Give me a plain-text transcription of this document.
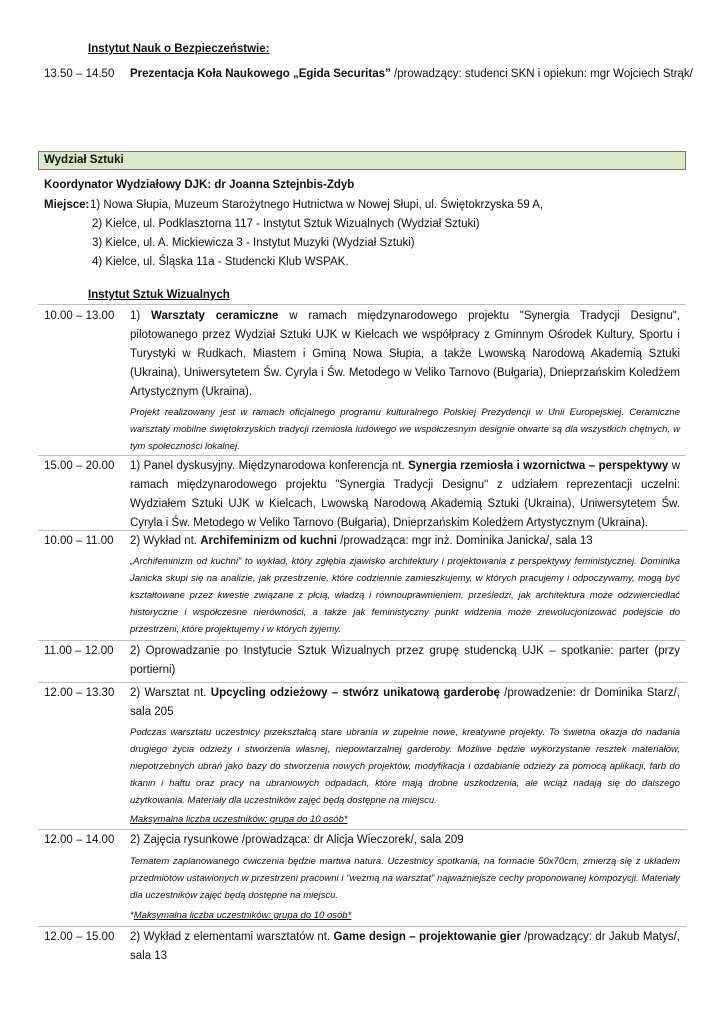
Instytut Nauk o Bezpieczeństwie:
13.50 – 14.50	Prezentacja Koła Naukowego „Egida Securitas” /prowadzący: studenci SKN i opiekun: mgr Wojciech Strąk/
Wydział Sztuki
Koordynator Wydziałowy DJK: dr Joanna Sztejnbis-Zdyb
Miejsce: 1) Nowa Słupia, Muzeum Starożytnego Hutnictwa w Nowej Słupi, ul. Świętokrzyska 59 A,
2) Kielce, ul. Podklasztorna 117 - Instytut Sztuk Wizualnych (Wydział Sztuki)
3) Kielce, ul. A. Mickiewicza 3 - Instytut Muzyki (Wydział Sztuki)
4) Kielce, ul. Śląska 11a - Studencki Klub WSPAK.
Instytut Sztuk Wizualnych
10.00 – 13.00	1) Warsztaty ceramiczne w ramach międzynarodowego projektu "Synergia Tradycji Designu", pilotowanego przez Wydział Sztuki UJK w Kielcach we współpracy z Gminnym Ośrodek Kultury, Sportu i Turystyki w Rudkach, Miastem i Gminą Nowa Słupia, a także Lwowską Narodową Akademią Sztuki (Ukraina), Uniwersytetem Św. Cyryla i Św. Metodego w Veliko Tarnovo (Bułgaria), Dnieprzańskim Koledżem Artystycznym (Ukraina).
Projekt realizowany jest w ramach oficjalnego programu kulturalnego Polskiej Prezydencji w Unii Europejskiej. Ceramiczne warsztaty mobilne świętokrzyskich tradycji rzemiosła ludowego we współczesnym designie otwarte są dla wszystkich chętnych, w tym społeczności lokalnej.
15.00 – 20.00	1) Panel dyskusyjny. Międzynarodowa konferencja nt. Synergia rzemiosła i wzornictwa – perspektywy w ramach międzynarodowego projektu "Synergia Tradycji Designu" z udziałem reprezentacji uczelni: Wydziałem Sztuki UJK w Kielcach, Lwowską Narodową Akademią Sztuki (Ukraina), Uniwersytetem Św. Cyryla i Św. Metodego w Veliko Tarnovo (Bułgaria), Dnieprzańskim Koledżem Artystycznym (Ukraina).
10.00 – 11.00	2) Wykład nt. Archifeminizm od kuchni /prowadząca: mgr inż. Dominika Janicka/, sala 13
„Archifeminizm od kuchni” to wykład, który zgłębia zjawisko architektury i projektowania z perspektywy feministycznej. Dominika Janicka skupi się na analizie, jak przestrzenie, które codziennie zamieszkujemy, w których pracujemy i odpoczywamy, mogą być kształtowane przez kwestie związane z płcią, władzą i równouprawnieniem, prześledzi, jak architektura może odzwierciedlać historyczne i współczesne nierówności, a także jak feministyczny punkt widzenia może zrewolucjonizować podejście do przestrzeni, które projektujemy i w których żyjemy.
11.00 – 12.00	2) Oprowadzanie po Instytucie Sztuk Wizualnych przez grupę studencką UJK – spotkanie: parter (przy portierni)
12.00 – 13.30	2) Warsztat nt. Upcycling odzieżowy – stwórz unikatową garderobę /prowadzenie: dr Dominika Starz/, sala 205
Podczas warsztatu uczestnicy przekształcą stare ubrania w zupełnie nowe, kreatywne projekty. To świetna okazja do nadania drugiego życia odzieży i stworzenia własnej, niepowtarzalnej garderoby. Możliwe będzie wykorzystanie resztek materiałów, niepotrzebnych ubrań jako bazy do stworzenia nowych projektów, modyfikacja i ozdabianie odzieży za pomocą aplikacji, farb do tkanin i haftu oraz pracy na ubraniowych odpadach, które mają drobne uszkodzenia, ale wciąż nadają się do dalszego użytkowania. Materiały dla uczestników zajęć będą dostępne na miejscu.
Maksymalna liczba uczestników: grupa do 10 osób*
12.00 – 14.00	2) Zajęcia rysunkowe /prowadząca: dr Alicja Wieczorek/, sala 209
Tematem zaplanowanego ćwiczenia będzie martwa natura. Uczestnicy spotkania, na formacie 50x70cm, zmierzą się z układem przedmiotów ustawionych w przestrzeni pracowni i “wezmą na warsztat” najważniejsze cechy proponowanej kompozycji. Materiały dla uczestników zajęć będą dostępne na miejscu.
*Maksymalna liczba uczestników: grupa do 10 osób*
12.00 – 15.00	2) Wykład z elementami warsztatów nt. Game design – projektowanie gier /prowadzący: dr Jakub Matys/, sala 13
